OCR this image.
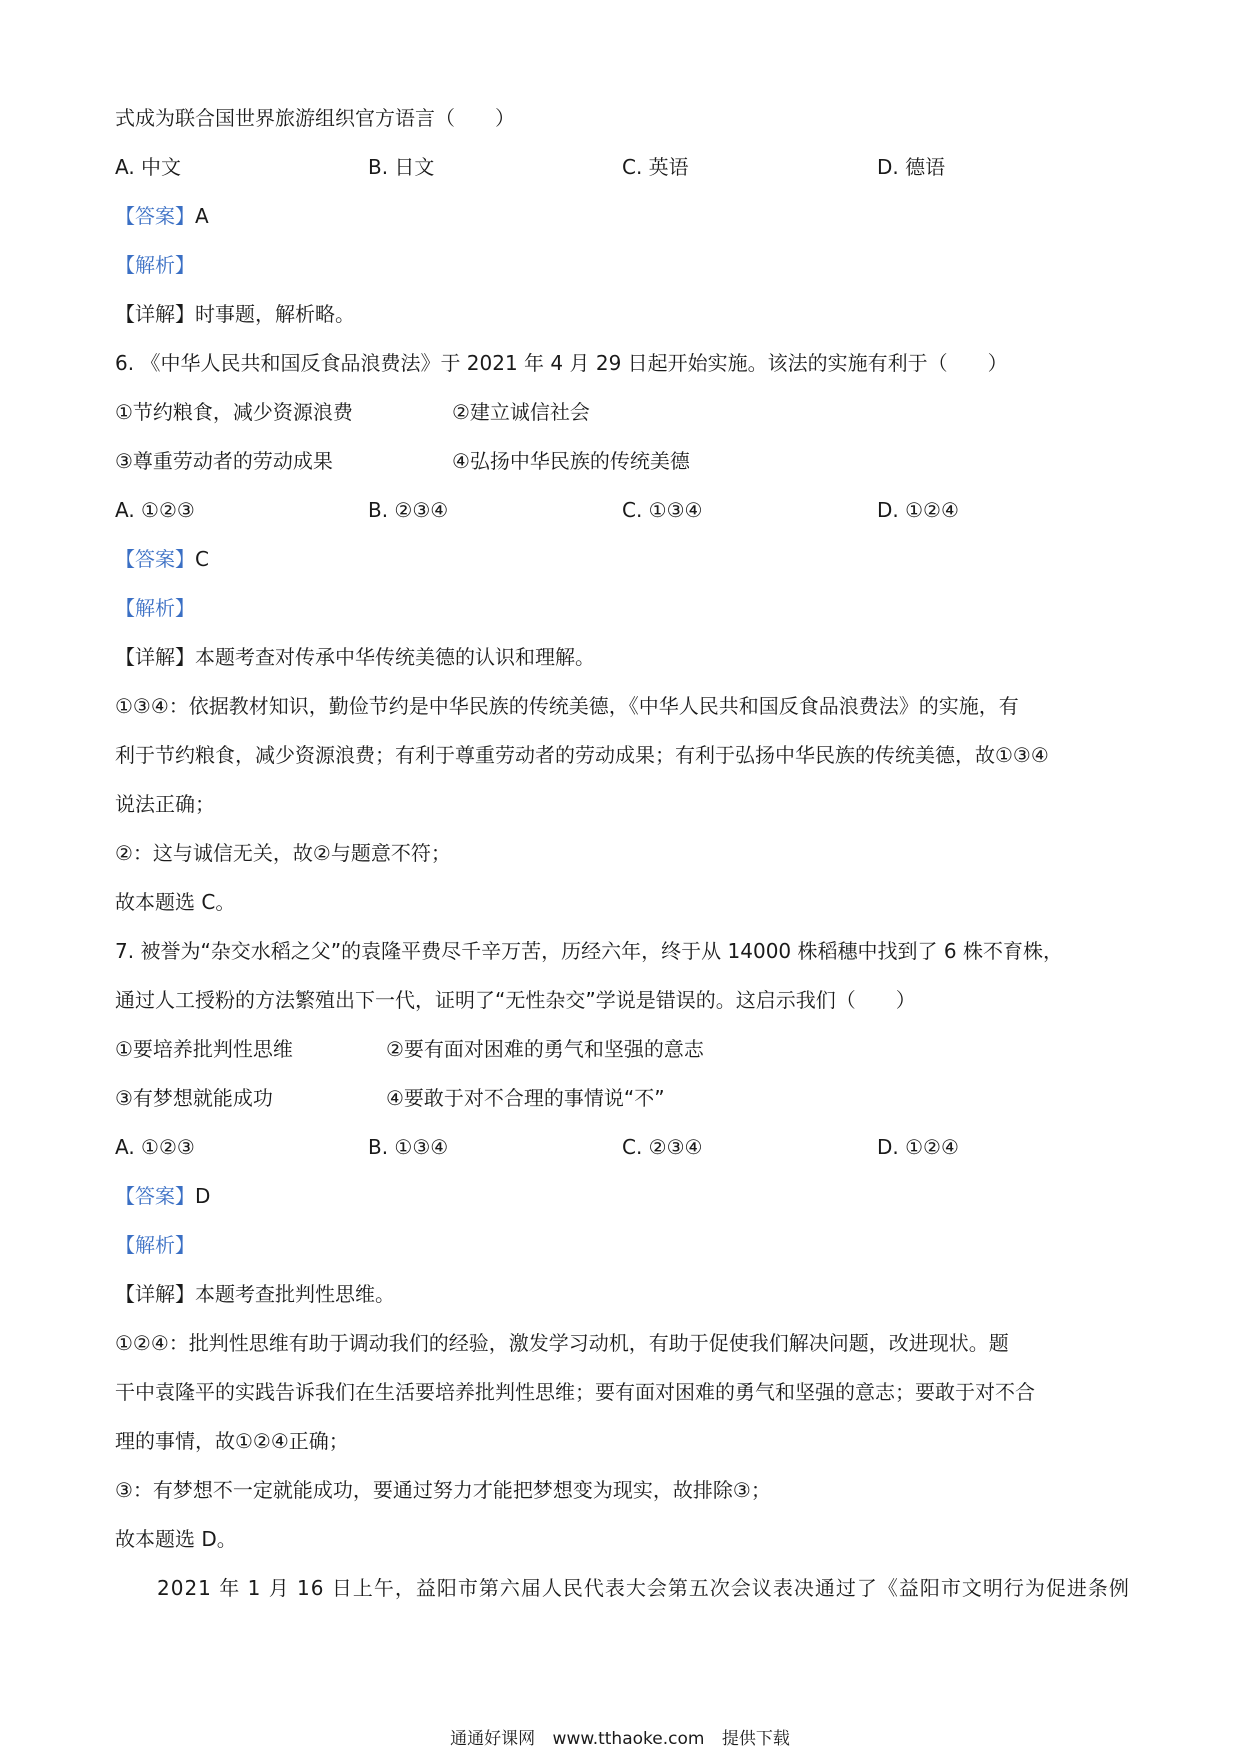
式成为联合国世界旅游组织官方语言（　　）
A. 中文	B. 日文	C. 英语	D. 德语
【答案】A
【解析】
【详解】时事题，解析略。
6. 《中华人民共和国反食品浪费法》于 2021 年 4 月 29 日起开始实施。该法的实施有利于（　　）
①节约粮食，减少资源浪费	②建立诚信社会
③尊重劳动者的劳动成果	④弘扬中华民族的传统美德
A. ①②③	B. ②③④	C. ①③④	D. ①②④
【答案】C
【解析】
【详解】本题考查对传承中华传统美德的认识和理解。
①③④：依据教材知识，勤俭节约是中华民族的传统美德，《中华人民共和国反食品浪费法》的实施，有
利于节约粮食，减少资源浪费；有利于尊重劳动者的劳动成果；有利于弘扬中华民族的传统美德，故①③④
说法正确；
②：这与诚信无关，故②与题意不符；
故本题选 C。
7. 被誉为“杂交水稻之父”的袁隆平费尽千辛万苦，历经六年，终于从 14000 株稻穗中找到了 6 株不育株，
通过人工授粉的方法繁殖出下一代，证明了“无性杂交”学说是错误的。这启示我们（　　）
①要培养批判性思维	②要有面对困难的勇气和坚强的意志
③有梦想就能成功	④要敢于对不合理的事情说“不”
A. ①②③	B. ①③④	C. ②③④	D. ①②④
【答案】D
【解析】
【详解】本题考查批判性思维。
①②④：批判性思维有助于调动我们的经验，激发学习动机，有助于促使我们解决问题，改进现状。题
干中袁隆平的实践告诉我们在生活要培养批判性思维；要有面对困难的勇气和坚强的意志；要敢于对不合
理的事情，故①②④正确；
③：有梦想不一定就能成功，要通过努力才能把梦想变为现实，故排除③；
故本题选 D。
2021 年 1 月 16 日上午，益阳市第六届人民代表大会第五次会议表决通过了《益阳市文明行为促进条例
通通好课网 www.tthaoke.com 提供下载
